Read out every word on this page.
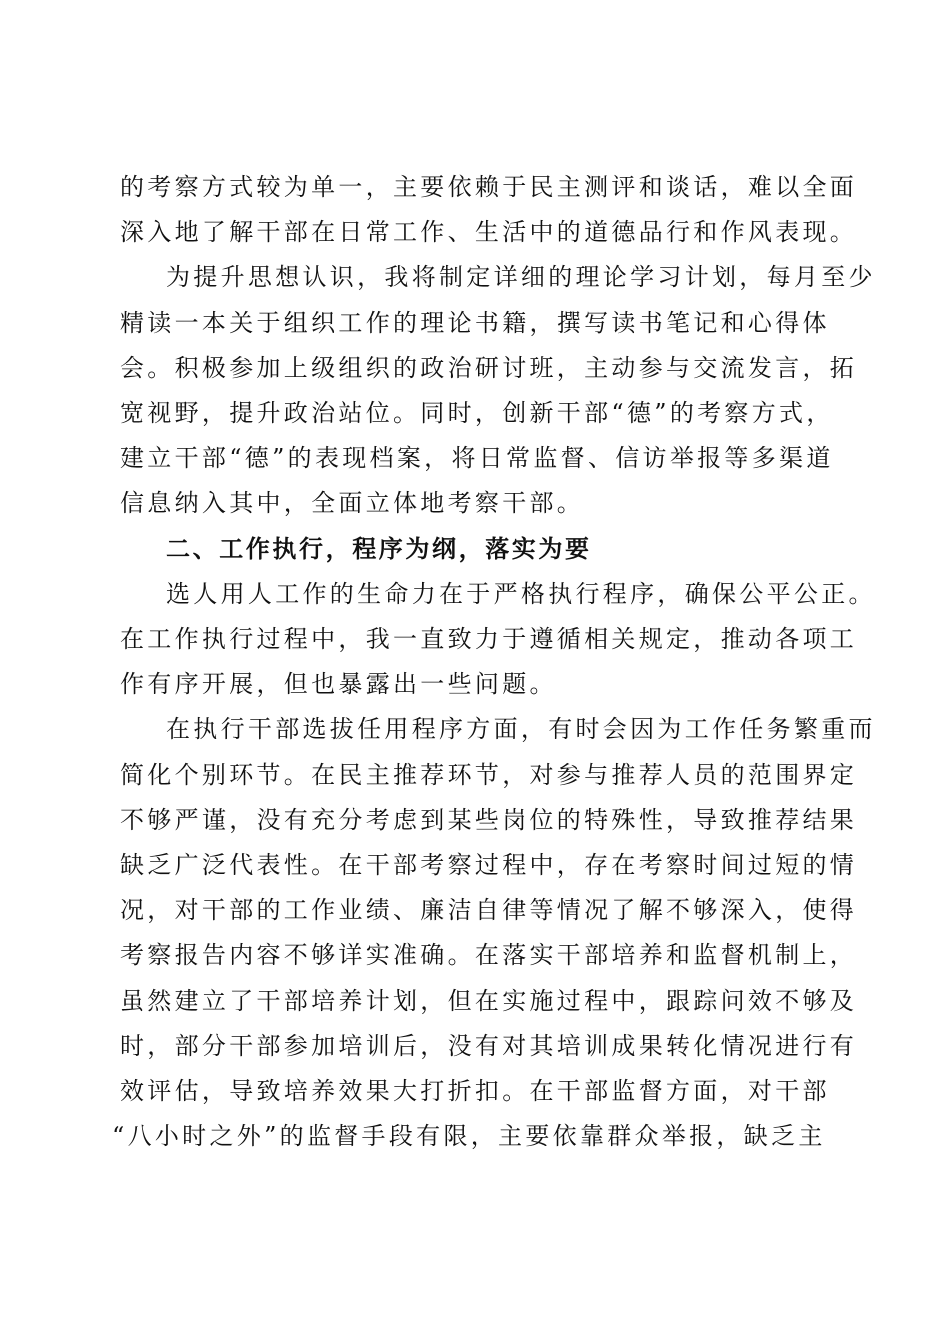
的考察方式较为单一，主要依赖于民主测评和谈话，难以全面
深入地了解干部在日常工作、生活中的道德品行和作风表现。
为提升思想认识，我将制定详细的理论学习计划，每月至少
精读一本关于组织工作的理论书籍，撰写读书笔记和心得体
会。积极参加上级组织的政治研讨班，主动参与交流发言，拓
宽视野，提升政治站位。同时，创新干部“德”的考察方式，
建立干部“德”的表现档案，将日常监督、信访举报等多渠道
信息纳入其中，全面立体地考察干部。
二、工作执行，程序为纲，落实为要
选人用人工作的生命力在于严格执行程序，确保公平公正。
在工作执行过程中，我一直致力于遵循相关规定，推动各项工
作有序开展，但也暴露出一些问题。
在执行干部选拔任用程序方面，有时会因为工作任务繁重而
简化个别环节。在民主推荐环节，对参与推荐人员的范围界定
不够严谨，没有充分考虑到某些岗位的特殊性，导致推荐结果
缺乏广泛代表性。在干部考察过程中，存在考察时间过短的情
况，对干部的工作业绩、廉洁自律等情况了解不够深入，使得
考察报告内容不够详实准确。在落实干部培养和监督机制上，
虽然建立了干部培养计划，但在实施过程中，跟踪问效不够及
时，部分干部参加培训后，没有对其培训成果转化情况进行有
效评估，导致培养效果大打折扣。在干部监督方面，对干部
“八小时之外”的监督手段有限，主要依靠群众举报，缺乏主
